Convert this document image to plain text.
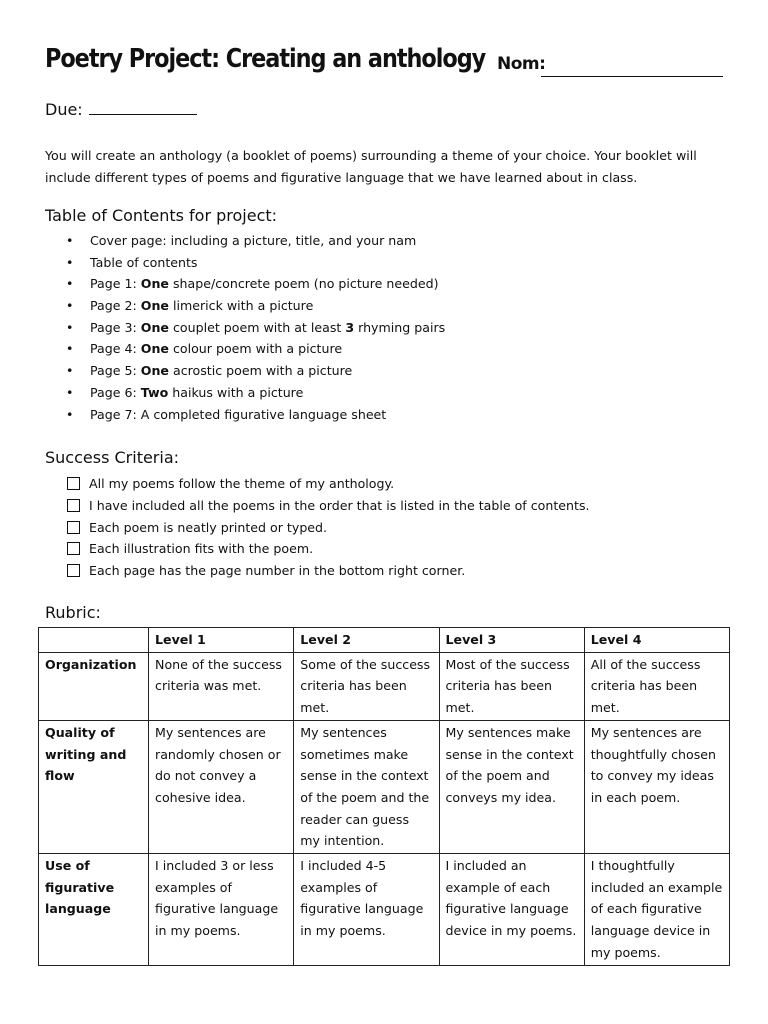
Poetry Project: Creating an anthology Nom:
Due:
You will create an anthology (a booklet of poems) surrounding a theme of your choice. Your booklet will include different types of poems and figurative language that we have learned about in class.
Table of Contents for project:
• Cover page: including a picture, title, and your nam
• Table of contents
• Page 1: One shape/concrete poem (no picture needed)
• Page 2: One limerick with a picture
• Page 3: One couplet poem with at least 3 rhyming pairs
• Page 4: One colour poem with a picture
• Page 5: One acrostic poem with a picture
• Page 6: Two haikus with a picture
• Page 7: A completed figurative language sheet
Success Criteria:
All my poems follow the theme of my anthology.
I have included all the poems in the order that is listed in the table of contents.
Each poem is neatly printed or typed.
Each illustration fits with the poem.
Each page has the page number in the bottom right corner.
Rubric:
	Level 1	Level 2	Level 3	Level 4
Organization	None of the success criteria was met.	Some of the success criteria has been met.	Most of the success criteria has been met.	All of the success criteria has been met.
Quality of writing and flow	My sentences are randomly chosen or do not convey a cohesive idea.	My sentences sometimes make sense in the context of the poem and the reader can guess my intention.	My sentences make sense in the context of the poem and conveys my idea.	My sentences are thoughtfully chosen to convey my ideas in each poem.
Use of figurative language	I included 3 or less examples of figurative language in my poems.	I included 4-5 examples of figurative language in my poems.	I included an example of each figurative language device in my poems.	I thoughtfully included an example of each figurative language device in my poems.
